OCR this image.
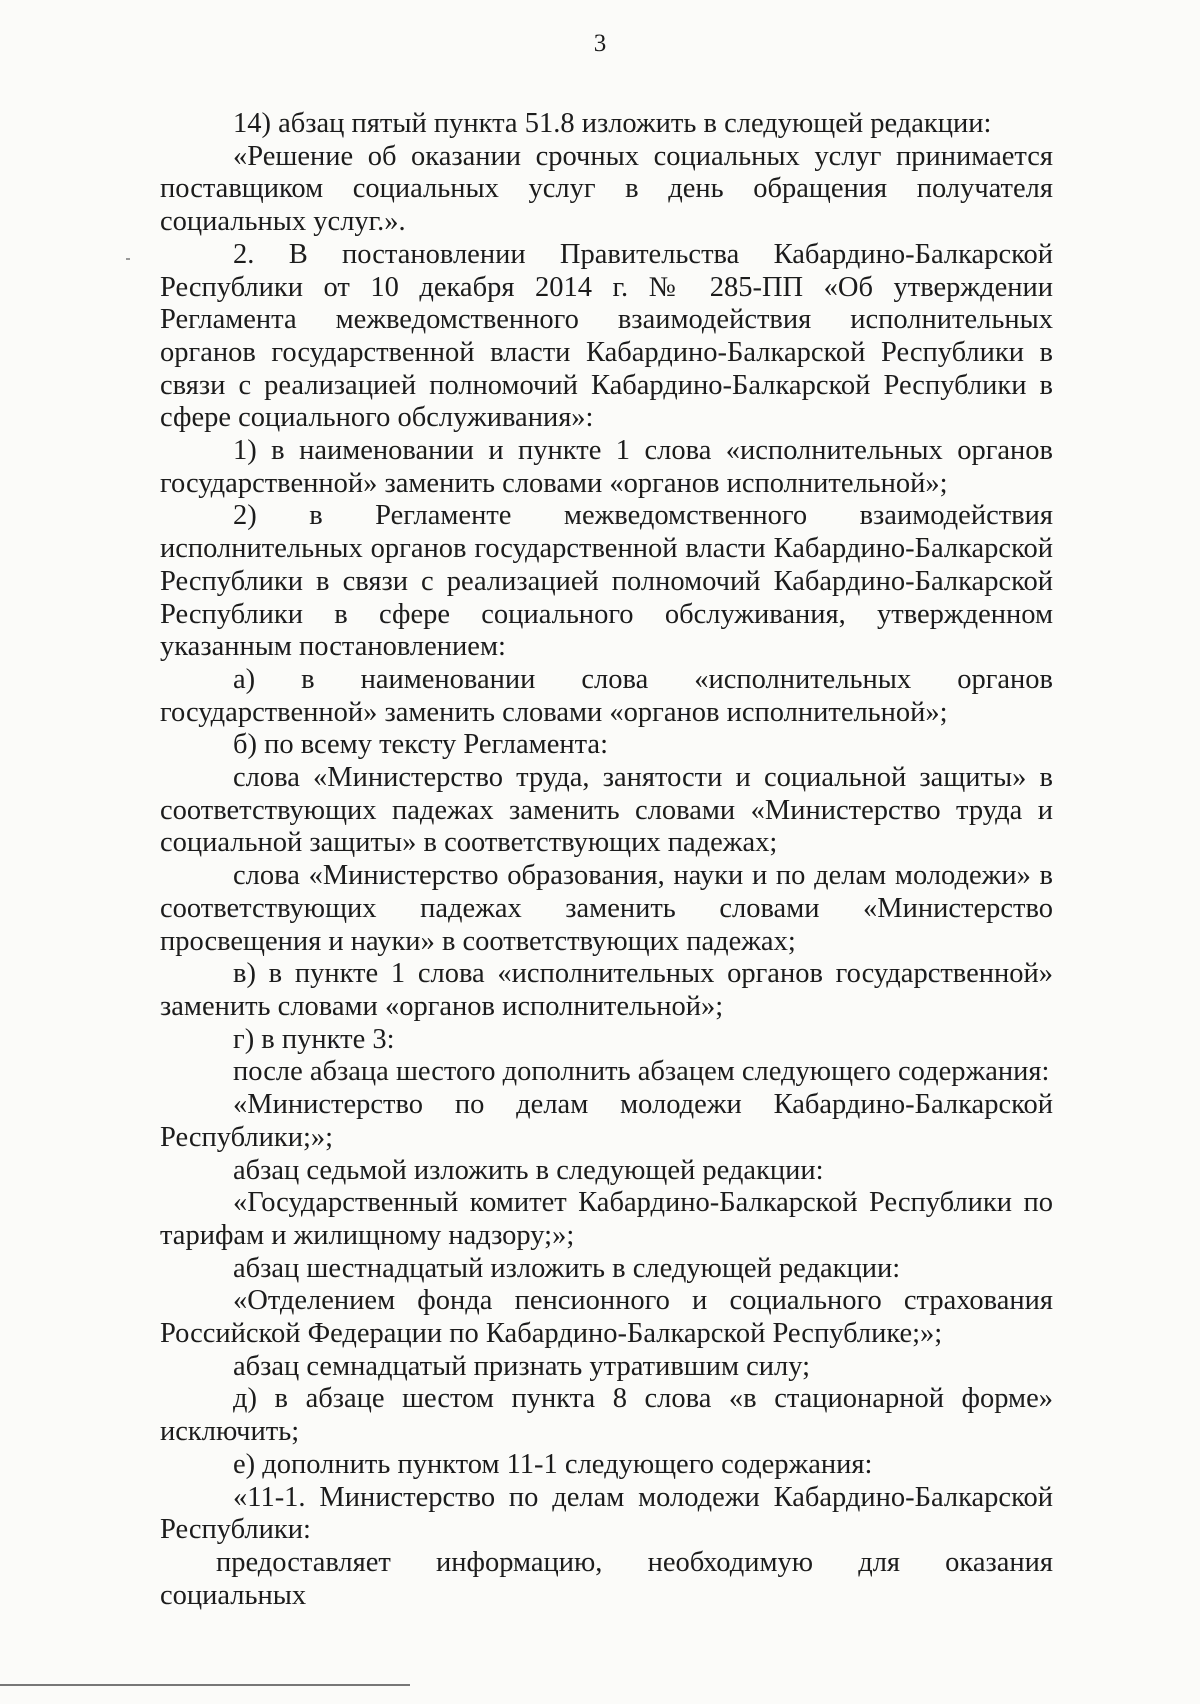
3

14) абзац пятый пункта 51.8 изложить в следующей редакции:

«Решение об оказании срочных социальных услуг принимается поставщиком социальных услуг в день обращения получателя социальных услуг.».

2. В постановлении Правительства Кабардино-Балкарской Республики от 10 декабря 2014 г. № 285-ПП «Об утверждении Регламента межведомственного взаимодействия исполнительных органов государственной власти Кабардино-Балкарской Республики в связи с реализацией полномочий Кабардино-Балкарской Республики в сфере социального обслуживания»:

1) в наименовании и пункте 1 слова «исполнительных органов государственной» заменить словами «органов исполнительной»;

2) в Регламенте межведомственного взаимодействия исполнительных органов государственной власти Кабардино-Балкарской Республики в связи с реализацией полномочий Кабардино-Балкарской Республики в сфере социального обслуживания, утвержденном указанным постановлением:

а) в наименовании слова «исполнительных органов государственной» заменить словами «органов исполнительной»;

б) по всему тексту Регламента:

слова «Министерство труда, занятости и социальной защиты» в соответствующих падежах заменить словами «Министерство труда и социальной защиты» в соответствующих падежах;

слова «Министерство образования, науки и по делам молодежи» в соответствующих падежах заменить словами «Министерство просвещения и науки» в соответствующих падежах;

в) в пункте 1 слова «исполнительных органов государственной» заменить словами «органов исполнительной»;

г) в пункте 3:

после абзаца шестого дополнить абзацем следующего содержания:

«Министерство по делам молодежи Кабардино-Балкарской Республики;»;

абзац седьмой изложить в следующей редакции:

«Государственный комитет Кабардино-Балкарской Республики по тарифам и жилищному надзору;»;

абзац шестнадцатый изложить в следующей редакции:

«Отделением фонда пенсионного и социального страхования Российской Федерации по Кабардино-Балкарской Республике;»;

абзац семнадцатый признать утратившим силу;

д) в абзаце шестом пункта 8 слова «в стационарной форме» исключить;

е) дополнить пунктом 11-1 следующего содержания:

«11-1. Министерство по делам молодежи Кабардино-Балкарской Республики:

предоставляет информацию, необходимую для оказания социальных
